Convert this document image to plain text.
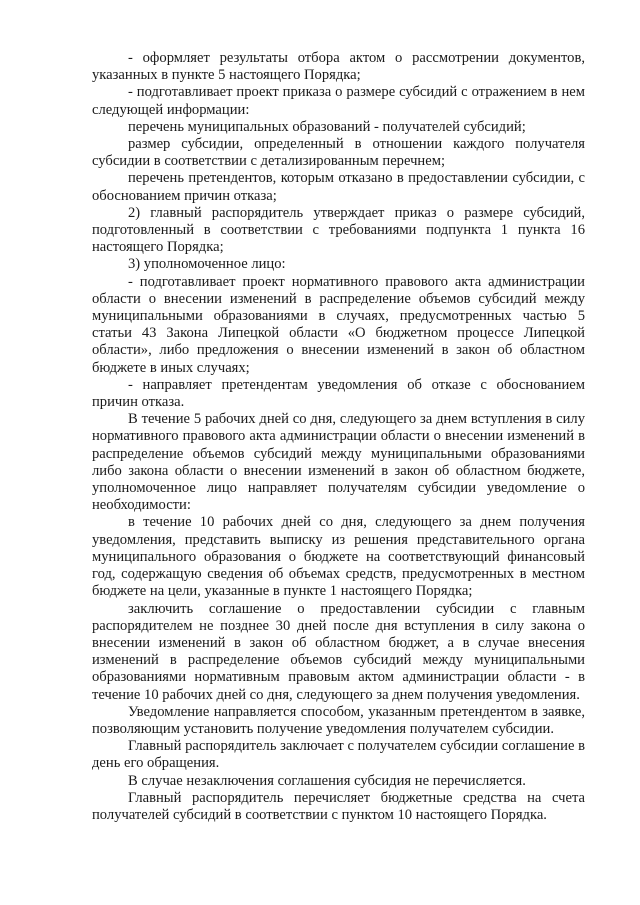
- оформляет результаты отбора актом о рассмотрении документов, указанных в пункте 5 настоящего Порядка;

- подготавливает проект приказа о размере субсидий с отражением в нем следующей информации:

перечень муниципальных образований - получателей субсидий;

размер субсидии, определенный в отношении каждого получателя субсидии в соответствии с детализированным перечнем;

перечень претендентов, которым отказано в предоставлении субсидии, с обоснованием причин отказа;

2) главный распорядитель утверждает приказ о размере субсидий, подготовленный в соответствии с требованиями подпункта 1 пункта 16 настоящего Порядка;

3) уполномоченное лицо:

- подготавливает проект нормативного правового акта администрации области о внесении изменений в распределение объемов субсидий между муниципальными образованиями в случаях, предусмотренных частью 5 статьи 43 Закона Липецкой области «О бюджетном процессе Липецкой области», либо предложения о внесении изменений в закон об областном бюджете в иных случаях;

- направляет претендентам уведомления об отказе с обоснованием причин отказа.

В течение 5 рабочих дней со дня, следующего за днем вступления в силу нормативного правового акта администрации области о внесении изменений в распределение объемов субсидий между муниципальными образованиями либо закона области о внесении изменений в закон об областном бюджете, уполномоченное лицо направляет получателям субсидии уведомление о необходимости:

в течение 10 рабочих дней со дня, следующего за днем получения уведомления, представить выписку из решения представительного органа муниципального образования о бюджете на соответствующий финансовый год, содержащую сведения об объемах средств, предусмотренных в местном бюджете на цели, указанные в пункте 1 настоящего Порядка;

заключить соглашение о предоставлении субсидии с главным распорядителем не позднее 30 дней после дня вступления в силу закона о внесении изменений в закон об областном бюджет, а в случае внесения изменений в распределение объемов субсидий между муниципальными образованиями нормативным правовым актом администрации области - в течение 10 рабочих дней со дня, следующего за днем получения уведомления.

Уведомление направляется способом, указанным претендентом в заявке, позволяющим установить получение уведомления получателем субсидии.

Главный распорядитель заключает с получателем субсидии соглашение в день его обращения.

В случае незаключения соглашения субсидия не перечисляется.

Главный распорядитель перечисляет бюджетные средства на счета получателей субсидий в соответствии с пунктом 10 настоящего Порядка.
